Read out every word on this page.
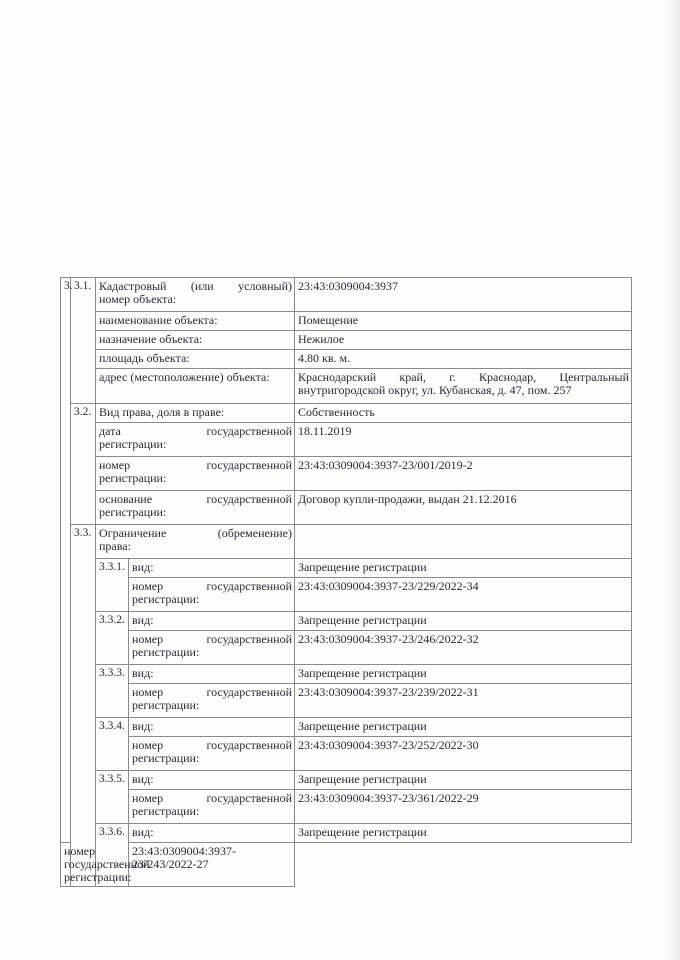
3.	3.1.	Кадастровый (или условный)
номер объекта:		23:43:0309004:3937
		наименование объекта:		Помещение
		назначение объекта:		Нежилое
		площадь объекта:		4.80 кв. м.
		адрес (местоположение) объекта:		Краснодарский край, г. Краснодар, Центральный
внутригородской округ, ул. Кубанская, д. 47, пом. 257

	3.2.	Вид права, доля в праве:		Собственность

		дата государственной
регистрации:		18.11.2019

		номер государственной
регистрации:		23:43:0309004:3937-23/001/2019-2

		основание государственной
регистрации:		Договор купли-продажи, выдан 21.12.2016
	3.3.	Ограничение (обременение)
права:		

		3.3.1.	вид:	Запрещение регистрации

			номер государственной
регистрации:	23:43:0309004:3937-23/229/2022-34
		3.3.2.	вид:	Запрещение регистрации

			номер государственной
регистрации:	23:43:0309004:3937-23/246/2022-32
		3.3.3.	вид:	Запрещение регистрации

			номер государственной
регистрации:	23:43:0309004:3937-23/239/2022-31
		3.3.4.	вид:	Запрещение регистрации

			номер государственной
регистрации:	23:43:0309004:3937-23/252/2022-30
		3.3.5.	вид:	Запрещение регистрации

			номер государственной
регистрации:	23:43:0309004:3937-23/361/2022-29
		3.3.6.	вид:	Запрещение регистрации

номер государственной
регистрации:			23:43:0309004:3937-23/243/2022-27	
